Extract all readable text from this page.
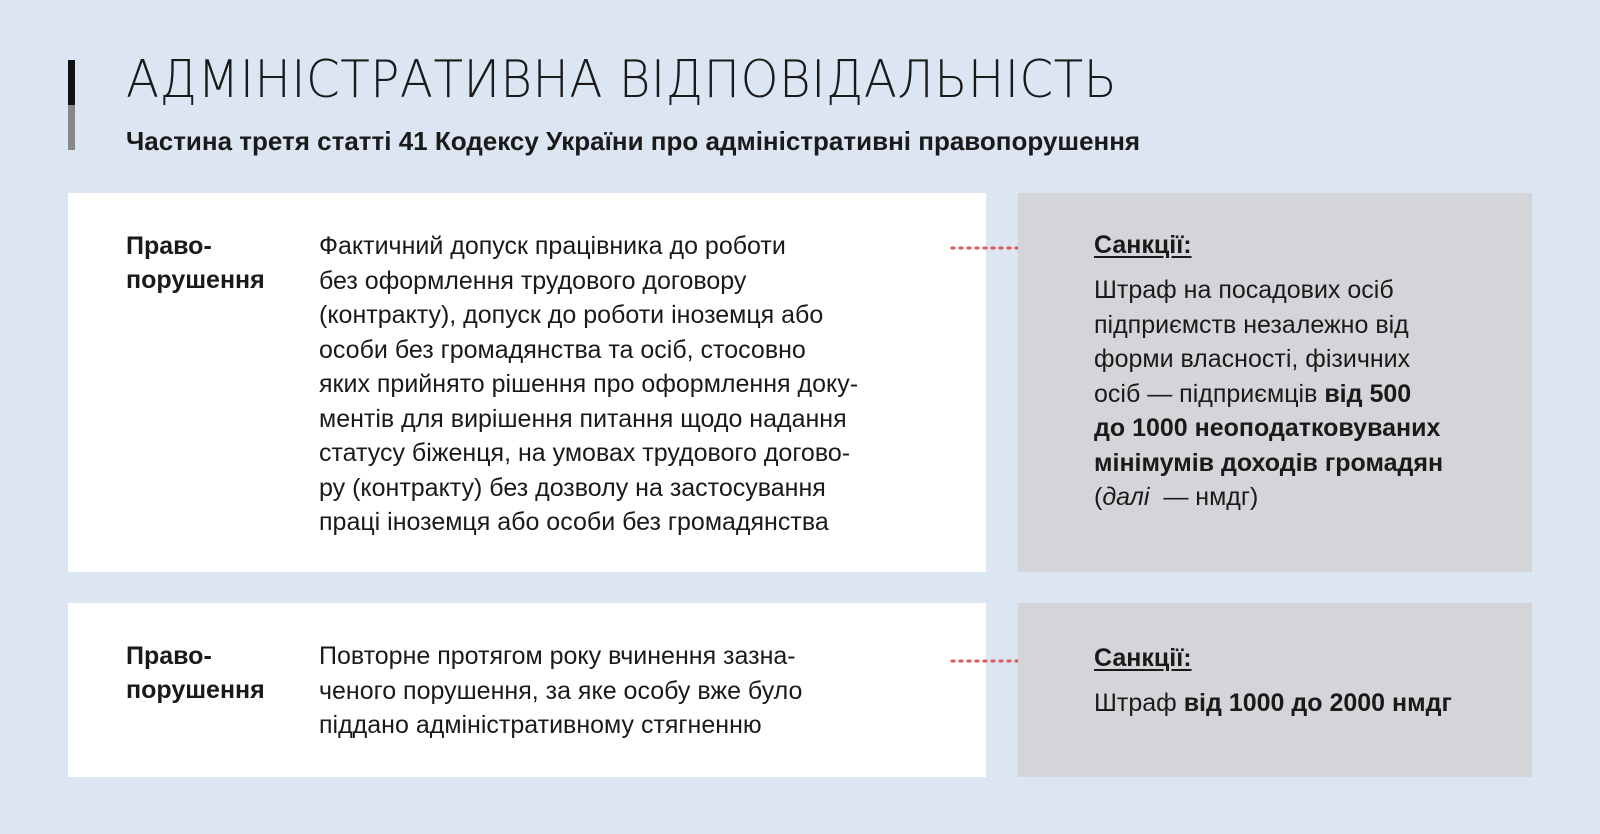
АДМІНІСТРАТИВНА ВІДПОВІДАЛЬНІСТЬ
Частина третя статті 41 Кодексу України про адміністративні правопорушення
Право-
порушення
Фактичний допуск працівника до роботи
без оформлення трудового договору
(контракту), допуск до роботи іноземця або
особи без громадянства та осіб, стосовно
яких прийнято рішення про оформлення доку-
ментів для вирішення питання щодо надання
статусу біженця, на умовах трудового догово-
ру (контракту) без дозволу на застосування
праці іноземця або особи без громадянства
Санкції:
Штраф на посадових осіб
підприємств незалежно від
форми власності, фізичних
осіб — підприємців від 500
до 1000 неоподатковуваних
мінімумів доходів громадян
(далі  — нмдг)
Право-
порушення
Повторне протягом року вчинення зазна-
ченого порушення, за яке особу вже було
піддано адміністративному стягненню
Санкції:
Штраф від 1000 до 2000 нмдг
